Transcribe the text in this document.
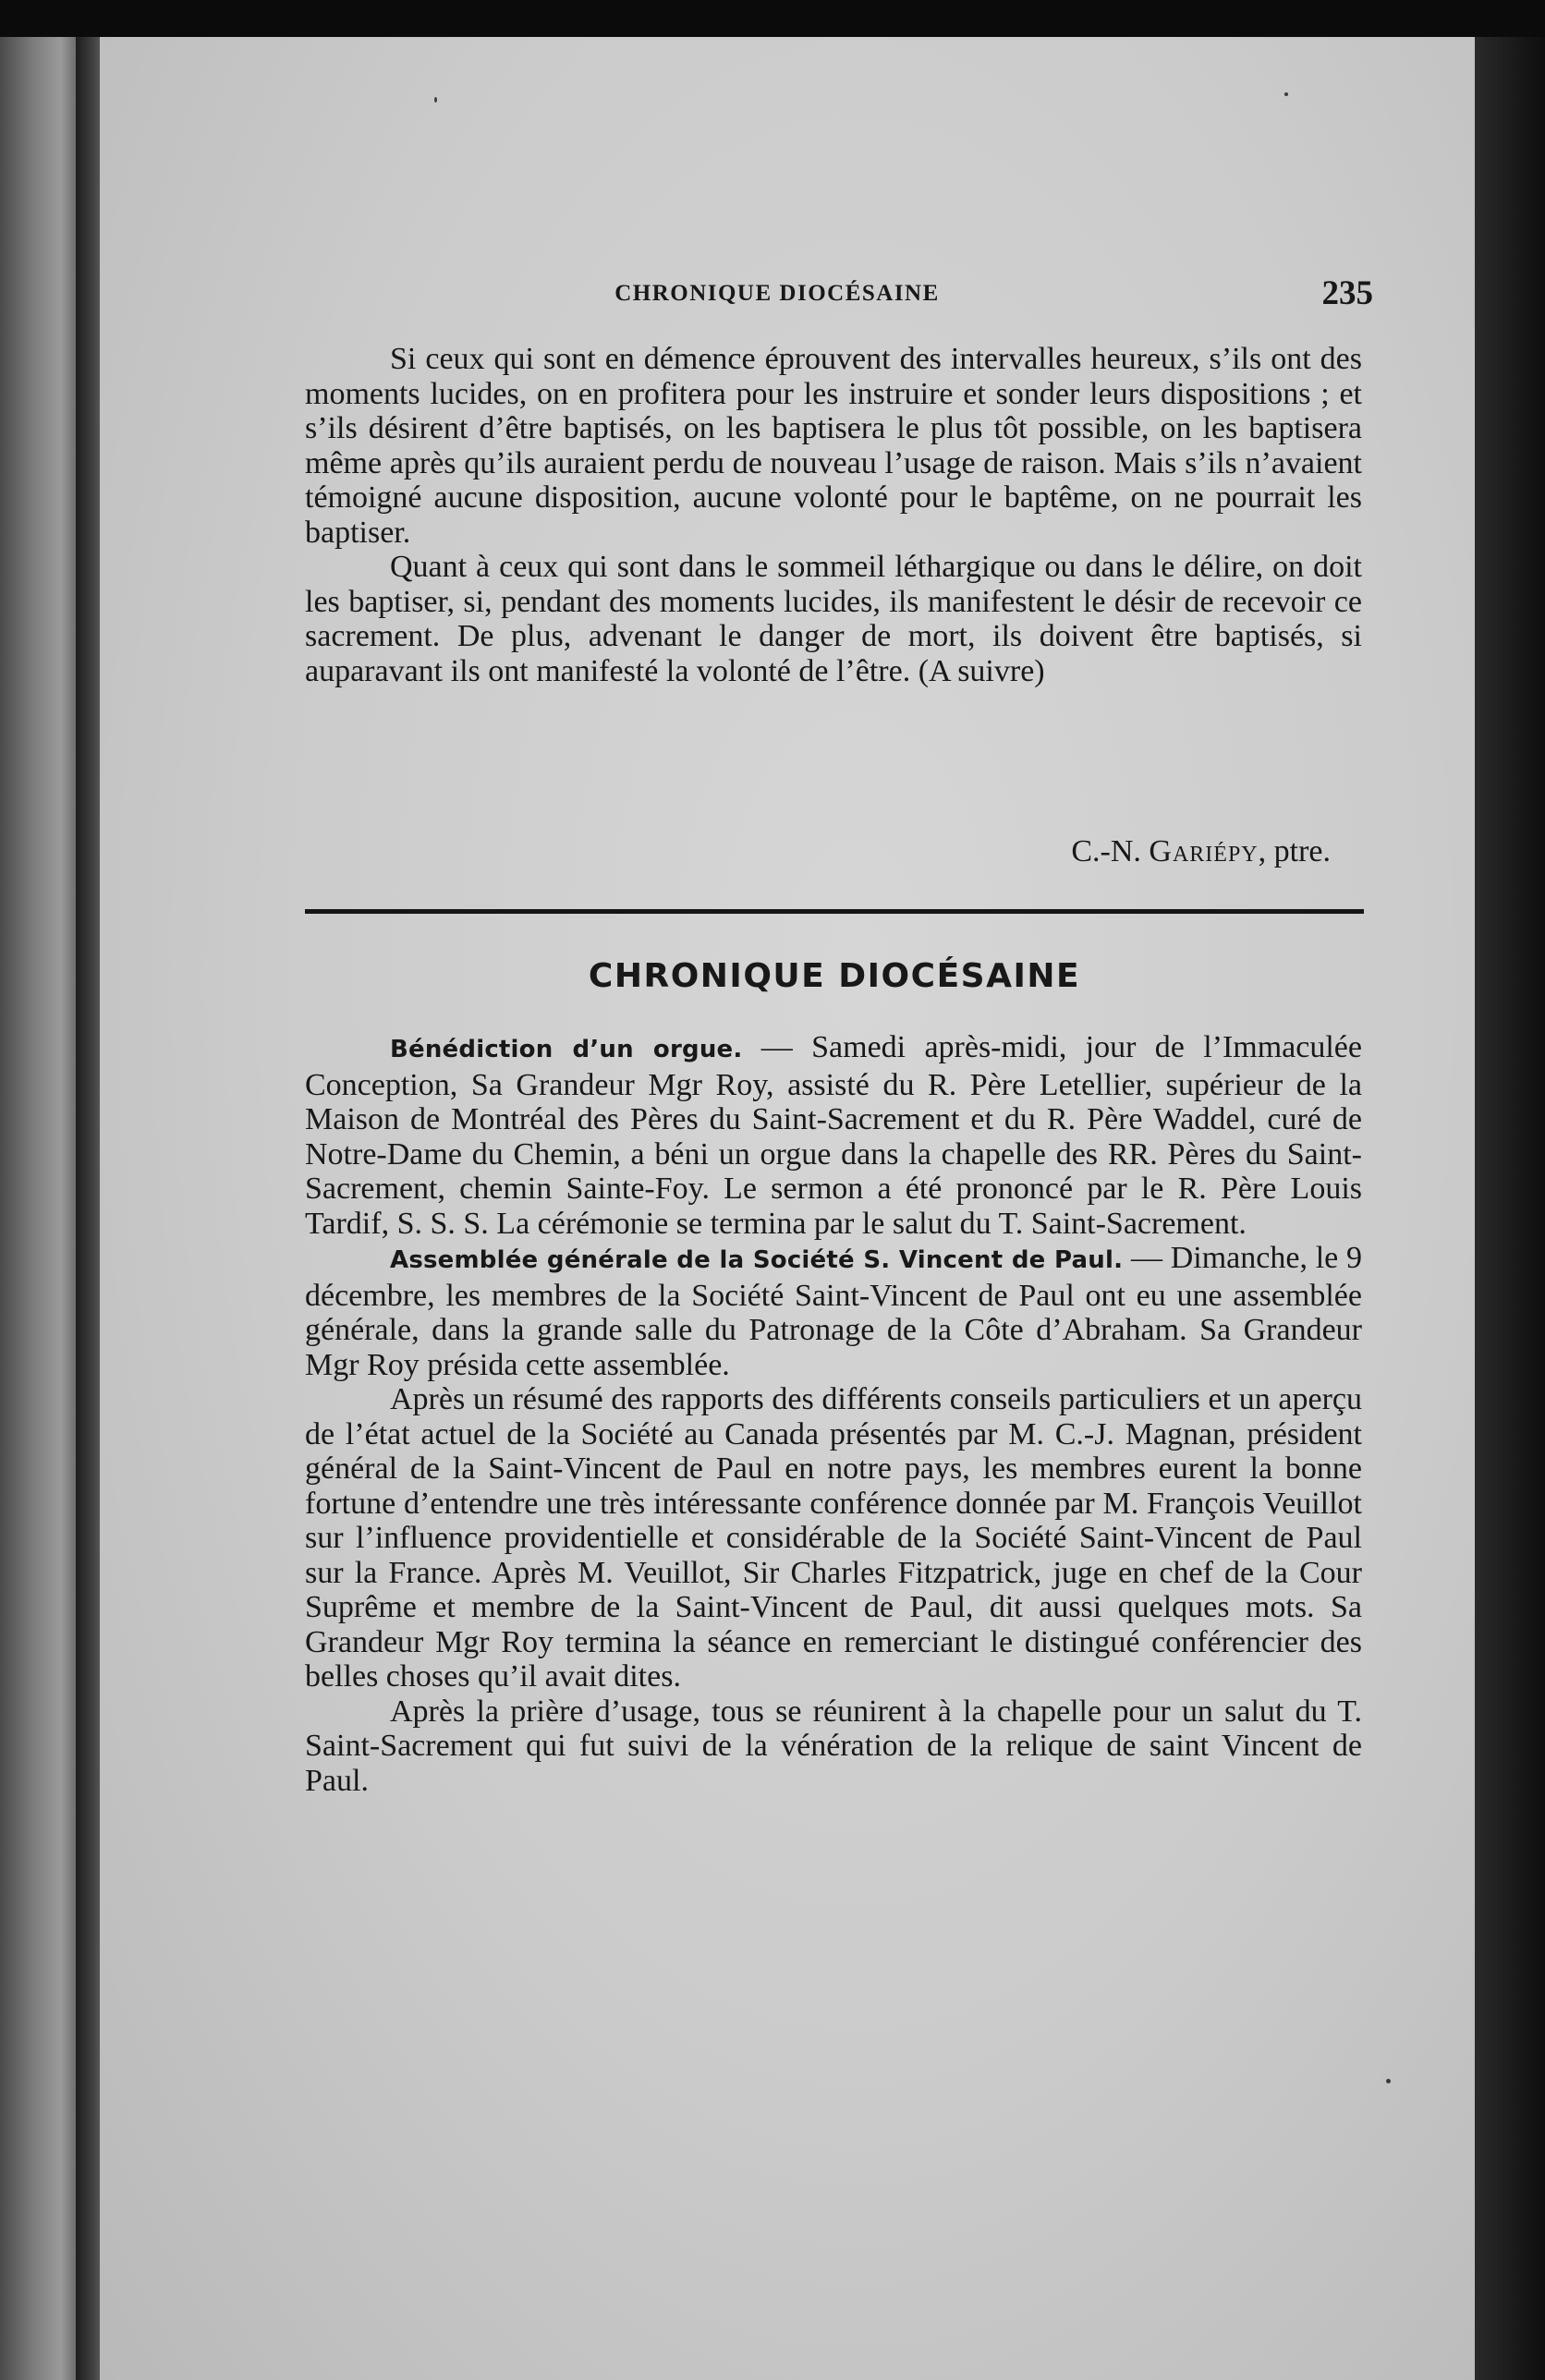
CHRONIQUE DIOCÉSAINE	235

Si ceux qui sont en démence éprouvent des intervalles heureux, s’ils ont des moments lucides, on en profitera pour les instruire et sonder leurs dispositions ; et s’ils désirent d’être baptisés, on les baptisera le plus tôt possible, on les baptisera même après qu’ils auraient perdu de nouveau l’usage de raison. Mais s’ils n’avaient témoigné aucune disposition, aucune volonté pour le baptême, on ne pourrait les baptiser.

Quant à ceux qui sont dans le sommeil léthargique ou dans le délire, on doit les baptiser, si, pendant des moments lucides, ils manifestent le désir de recevoir ce sacrement. De plus, advenant le danger de mort, ils doivent être baptisés, si auparavant ils ont manifesté la volonté de l’être. (A suivre)

C.-N. Gariépy, ptre.
CHRONIQUE DIOCÉSAINE

Bénédiction d’un orgue. — Samedi après-midi, jour de l’Immaculée Conception, Sa Grandeur Mgr Roy, assisté du R. Père Letellier, supérieur de la Maison de Montréal des Pères du Saint-Sacrement et du R. Père Waddel, curé de Notre-Dame du Chemin, a béni un orgue dans la chapelle des RR. Pères du Saint-Sacrement, chemin Sainte-Foy. Le sermon a été prononcé par le R. Père Louis Tardif, S. S. S. La cérémonie se termina par le salut du T. Saint-Sacrement.

Assemblée générale de la Société S. Vincent de Paul. — Dimanche, le 9 décembre, les membres de la Société Saint-Vincent de Paul ont eu une assemblée générale, dans la grande salle du Patronage de la Côte d’Abraham. Sa Grandeur Mgr Roy présida cette assemblée.

Après un résumé des rapports des différents conseils particuliers et un aperçu de l’état actuel de la Société au Canada présentés par M. C.-J. Magnan, président général de la Saint-Vincent de Paul en notre pays, les membres eurent la bonne fortune d’entendre une très intéressante conférence donnée par M. François Veuillot sur l’influence providentielle et considérable de la Société Saint-Vincent de Paul sur la France. Après M. Veuillot, Sir Charles Fitzpatrick, juge en chef de la Cour Suprême et membre de la Saint-Vincent de Paul, dit aussi quelques mots. Sa Grandeur Mgr Roy termina la séance en remerciant le distingué conférencier des belles choses qu’il avait dites.

Après la prière d’usage, tous se réunirent à la chapelle pour un salut du T. Saint-Sacrement qui fut suivi de la vénération de la relique de saint Vincent de Paul.
